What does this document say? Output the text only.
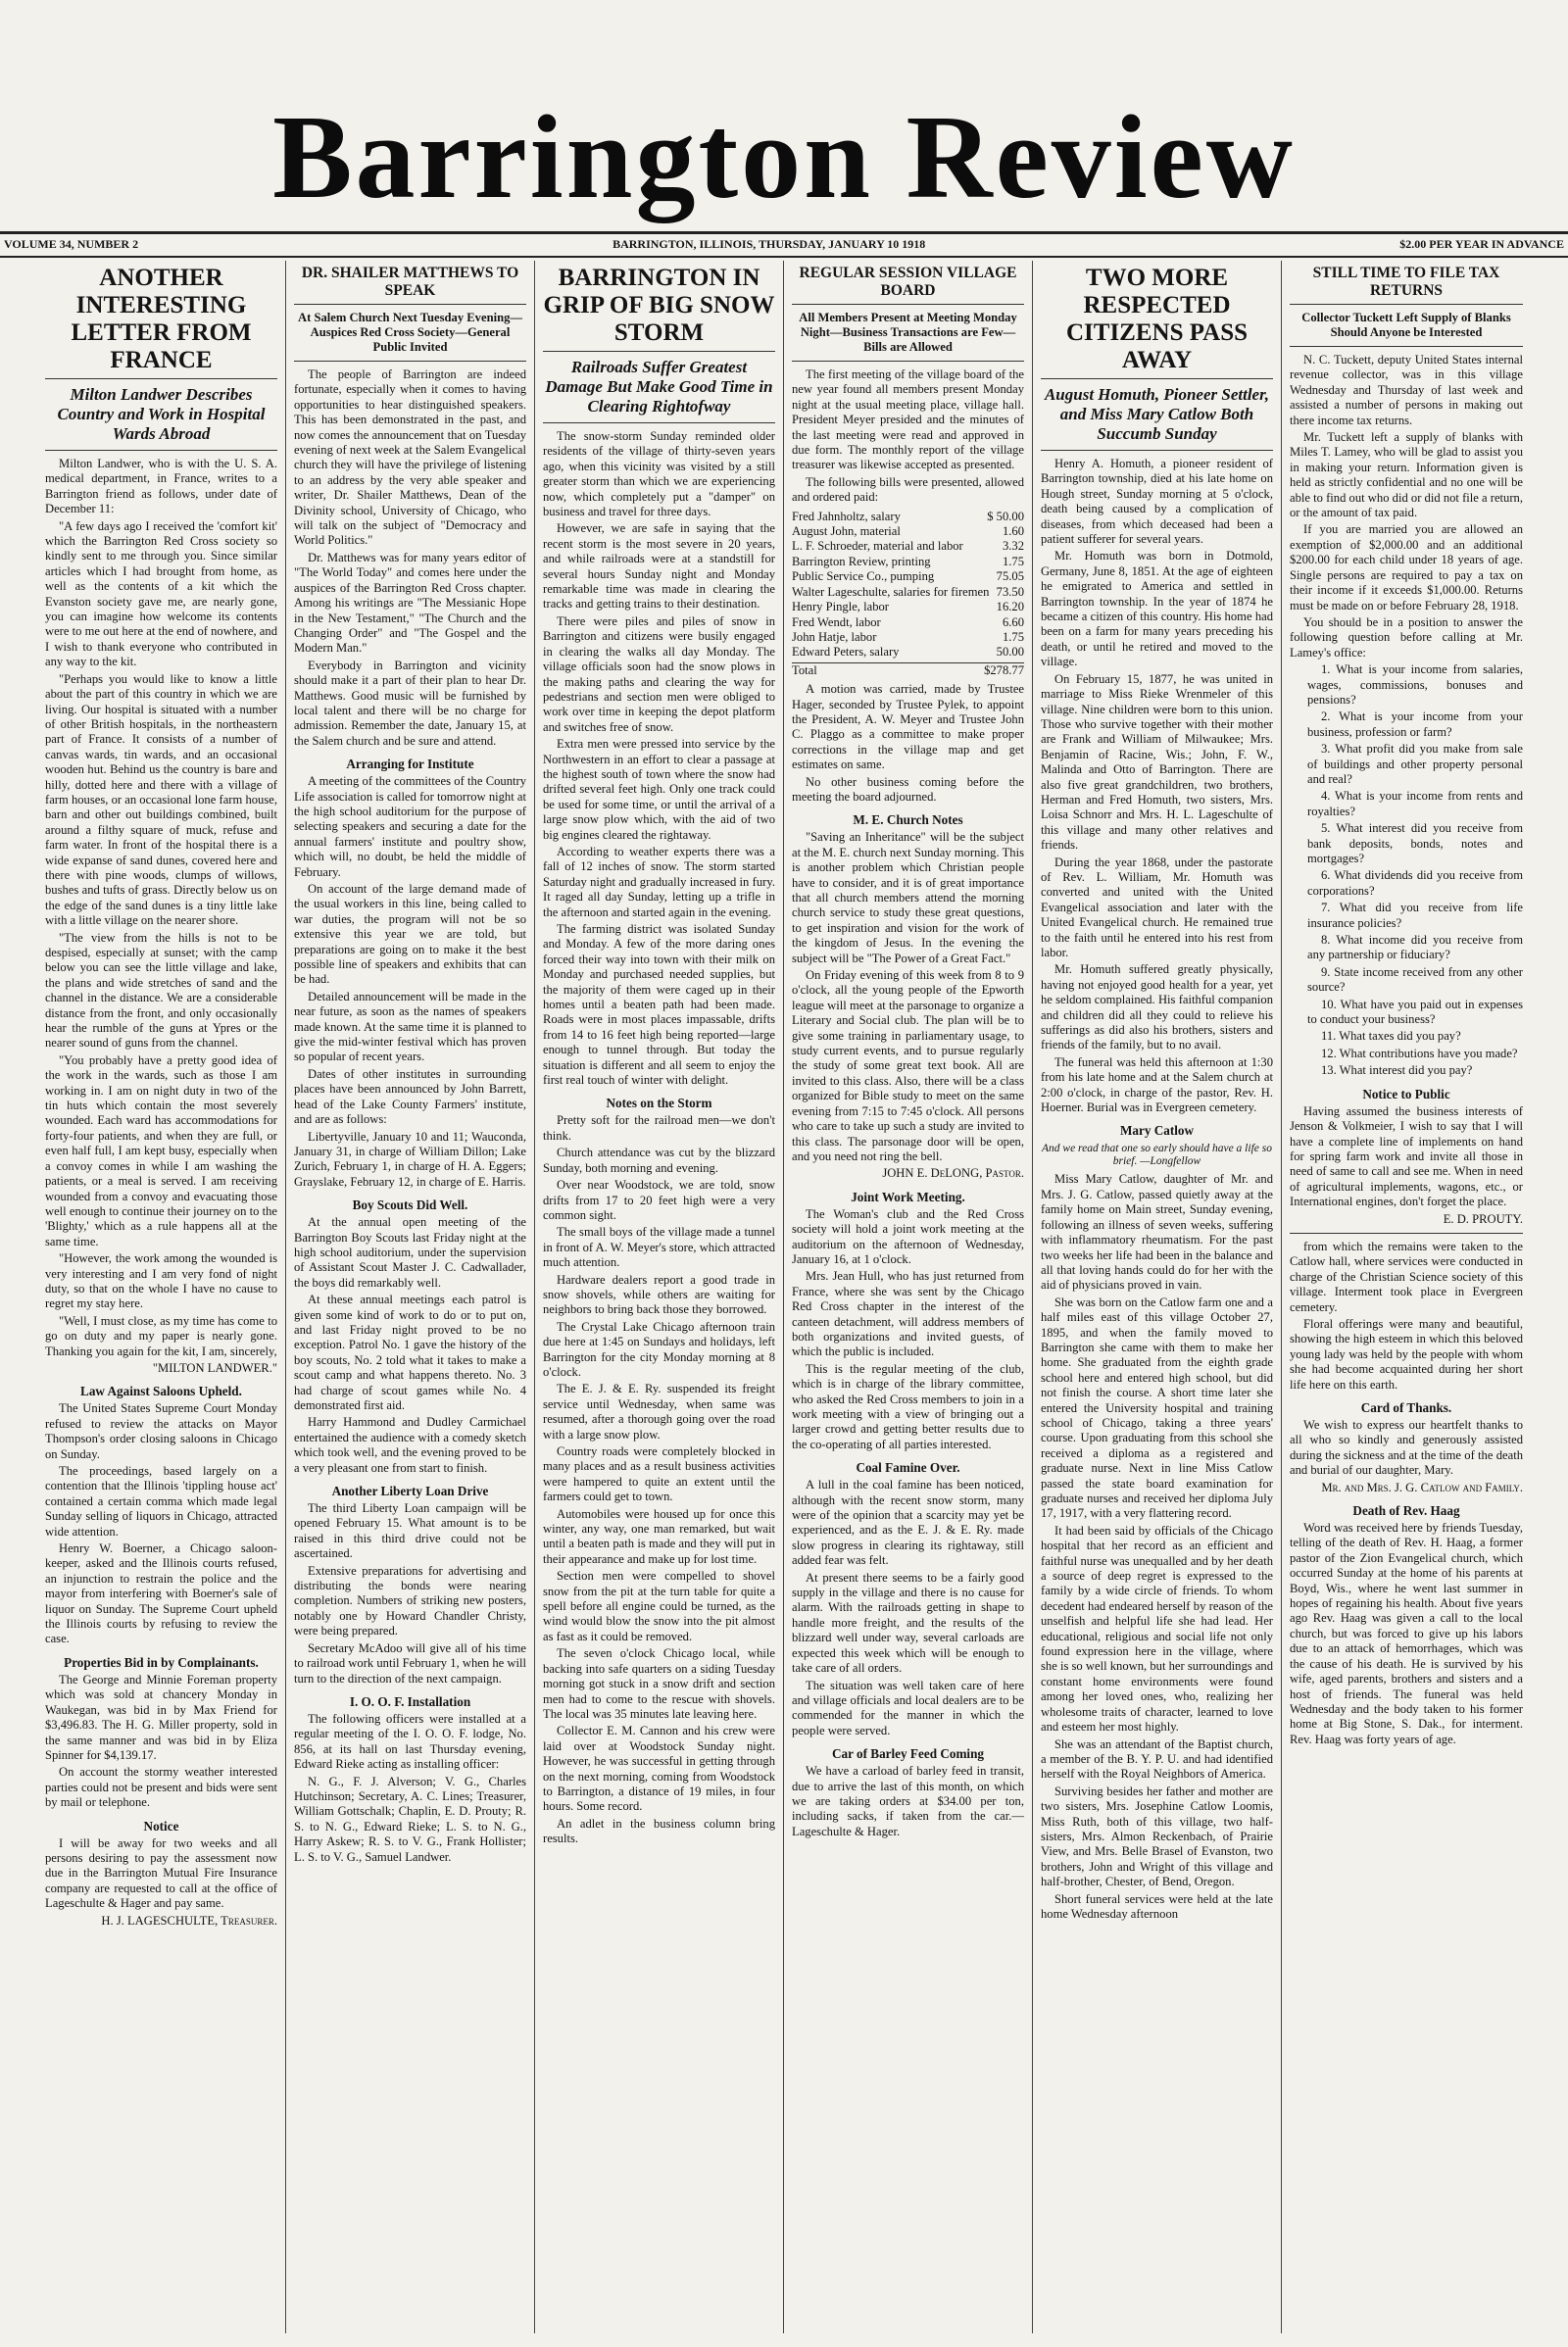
Barrington Review
VOLUME 34, NUMBER 2	BARRINGTON, ILLINOIS, THURSDAY, JANUARY 10 1918	$2.00 PER YEAR IN ADVANCE
ANOTHER INTERESTING LETTER FROM FRANCE
Milton Landwer Describes Country and Work in Hospital Wards Abroad

Milton Landwer, who is with the U. S. A. medical department, in France, writes to a Barrington friend as follows, under date of December 11:

"A few days ago I received the 'comfort kit' which the Barrington Red Cross society so kindly sent to me through you. Since similar articles which I had brought from home, as well as the contents of a kit which the Evanston society gave me, are nearly gone, you can imagine how welcome its contents were to me out here at the end of nowhere, and I wish to thank everyone who contributed in any way to the kit.

"Perhaps you would like to know a little about the part of this country in which we are living. Our hospital is situated with a number of other British hospitals, in the northeastern part of France. It consists of a number of canvas wards, tin wards, and an occasional wooden hut. Behind us the country is bare and hilly, dotted here and there with a village of farm houses, or an occasional lone farm house, barn and other out buildings combined, built around a filthy square of muck, refuse and farm water. In front of the hospital there is a wide expanse of sand dunes, covered here and there with pine woods, clumps of willows, bushes and tufts of grass. Directly below us on the edge of the sand dunes is a tiny little lake with a little village on the nearer shore.

"The view from the hills is not to be despised, especially at sunset; with the camp below you can see the little village and lake, the plans and wide stretches of sand and the channel in the distance. We are a considerable distance from the front, and only occasionally hear the rumble of the guns at Ypres or the nearer sound of guns from the channel.

"You probably have a pretty good idea of the work in the wards, such as those I am working in. I am on night duty in two of the tin huts which contain the most severely wounded. Each ward has accommodations for forty-four patients, and when they are full, or even half full, I am kept busy, especially when a convoy comes in while I am washing the patients, or a meal is served. I am receiving wounded from a convoy and evacuating those well enough to continue their journey on to the 'Blighty,' which as a rule happens all at the same time.

"However, the work among the wounded is very interesting and I am very fond of night duty, so that on the whole I have no cause to regret my stay here.

"Well, I must close, as my time has come to go on duty and my paper is nearly gone. Thanking you again for the kit, I am, sincerely,

"MILTON LANDWER."
Law Against Saloons Upheld.

The United States Supreme Court Monday refused to review the attacks on Mayor Thompson's order closing saloons in Chicago on Sunday.

The proceedings, based largely on a contention that the Illinois 'tippling house act' contained a certain comma which made legal Sunday selling of liquors in Chicago, attracted wide attention.

Henry W. Boerner, a Chicago saloon-keeper, asked and the Illinois courts refused, an injunction to restrain the police and the mayor from interfering with Boerner's sale of liquor on Sunday. The Supreme Court upheld the Illinois courts by refusing to review the case.

Properties Bid in by Complainants.

The George and Minnie Foreman property which was sold at chancery Monday in Waukegan, was bid in by Max Friend for $3,496.83. The H. G. Miller property, sold in the same manner and was bid in by Eliza Spinner for $4,139.17.

On account the stormy weather interested parties could not be present and bids were sent by mail or telephone.

Notice

I will be away for two weeks and all persons desiring to pay the assessment now due in the Barrington Mutual Fire Insurance company are requested to call at the office of Lageschulte & Hager and pay same.

H. J. LAGESCHULTE, Treasurer.
DR. SHAILER MATTHEWS TO SPEAK
At Salem Church Next Tuesday Evening—Auspices Red Cross Society—General Public Invited

The people of Barrington are indeed fortunate, especially when it comes to having opportunities to hear distinguished speakers. This has been demonstrated in the past, and now comes the announcement that on Tuesday evening of next week at the Salem Evangelical church they will have the privilege of listening to an address by the very able speaker and writer, Dr. Shailer Matthews, Dean of the Divinity school, University of Chicago, who will talk on the subject of "Democracy and World Politics."

Dr. Matthews was for many years editor of "The World Today" and comes here under the auspices of the Barrington Red Cross chapter. Among his writings are "The Messianic Hope in the New Testament," "The Church and the Changing Order" and "The Gospel and the Modern Man."

Everybody in Barrington and vicinity should make it a part of their plan to hear Dr. Matthews. Good music will be furnished by local talent and there will be no charge for admission. Remember the date, January 15, at the Salem church and be sure and attend.

Arranging for Institute

A meeting of the committees of the Country Life association is called for tomorrow night at the high school auditorium for the purpose of selecting speakers and securing a date for the annual farmers' institute and poultry show, which will, no doubt, be held the middle of February.

On account of the large demand made of the usual workers in this line, being called to war duties, the program will not be so extensive this year we are told, but preparations are going on to make it the best possible line of speakers and exhibits that can be had.

Detailed announcement will be made in the near future, as soon as the names of speakers made known. At the same time it is planned to give the mid-winter festival which has proven so popular of recent years.

Dates of other institutes in surrounding places have been announced by John Barrett, head of the Lake County Farmers' institute, and are as follows:

Libertyville, January 10 and 11; Wauconda, January 31, in charge of William Dillon; Lake Zurich, February 1, in charge of H. A. Eggers; Grayslake, February 12, in charge of E. Harris.

Boy Scouts Did Well.

At the annual open meeting of the Barrington Boy Scouts last Friday night at the high school auditorium, under the supervision of Assistant Scout Master J. C. Cadwallader, the boys did remarkably well.

At these annual meetings each patrol is given some kind of work to do or to put on, and last Friday night proved to be no exception. Patrol No. 1 gave the history of the boy scouts, No. 2 told what it takes to make a scout camp and what happens thereto. No. 3 had charge of scout games while No. 4 demonstrated first aid.

Harry Hammond and Dudley Carmichael entertained the audience with a comedy sketch which took well, and the evening proved to be a very pleasant one from start to finish.

Another Liberty Loan Drive

The third Liberty Loan campaign will be opened February 15. What amount is to be raised in this third drive could not be ascertained.

Extensive preparations for advertising and distributing the bonds were nearing completion. Numbers of striking new posters, notably one by Howard Chandler Christy, were being prepared.

Secretary McAdoo will give all of his time to railroad work until February 1, when he will turn to the direction of the next campaign.

I. O. O. F. Installation

The following officers were installed at a regular meeting of the I. O. O. F. lodge, No. 856, at its hall on last Thursday evening, Edward Rieke acting as installing officer:

N. G., F. J. Alverson; V. G., Charles Hutchinson; Secretary, A. C. Lines; Treasurer, William Gottschalk; Chaplin, E. D. Prouty; R. S. to N. G., Edward Rieke; L. S. to N. G., Harry Askew; R. S. to V. G., Frank Hollister; L. S. to V. G., Samuel Landwer.

BARRINGTON IN GRIP OF BIG SNOW STORM
Railroads Suffer Greatest Damage But Make Good Time in Clearing Rightofway

The snow-storm Sunday reminded older residents of the village of thirty-seven years ago, when this vicinity was visited by a still greater storm than which we are experiencing now, which completely put a "damper" on business and travel for three days.

However, we are safe in saying that the recent storm is the most severe in 20 years, and while railroads were at a standstill for several hours Sunday night and Monday remarkable time was made in clearing the tracks and getting trains to their destination.

There were piles and piles of snow in Barrington and citizens were busily engaged in clearing the walks all day Monday. The village officials soon had the snow plows in the making paths and clearing the way for pedestrians and section men were obliged to work over time in keeping the depot platform and switches free of snow.

Extra men were pressed into service by the Northwestern in an effort to clear a passage at the highest south of town where the snow had drifted several feet high. Only one track could be used for some time, or until the arrival of a large snow plow which, with the aid of two big engines cleared the rightaway.

According to weather experts there was a fall of 12 inches of snow. The storm started Saturday night and gradually increased in fury. It raged all day Sunday, letting up a trifle in the afternoon and started again in the evening.

The farming district was isolated Sunday and Monday. A few of the more daring ones forced their way into town with their milk on Monday and purchased needed supplies, but the majority of them were caged up in their homes until a beaten path had been made. Roads were in most places impassable, drifts from 14 to 16 feet high being reported—large enough to tunnel through. But today the situation is different and all seem to enjoy the first real touch of winter with delight.

Notes on the Storm

Pretty soft for the railroad men—we don't think.

Church attendance was cut by the blizzard Sunday, both morning and evening.

Over near Woodstock, we are told, snow drifts from 17 to 20 feet high were a very common sight.

The small boys of the village made a tunnel in front of A. W. Meyer's store, which attracted much attention.

Hardware dealers report a good trade in snow shovels, while others are waiting for neighbors to bring back those they borrowed.

The Crystal Lake Chicago afternoon train due here at 1:45 on Sundays and holidays, left Barrington for the city Monday morning at 8 o'clock.

The E. J. & E. Ry. suspended its freight service until Wednesday, when same was resumed, after a thorough going over the road with a large snow plow.

Country roads were completely blocked in many places and as a result business activities were hampered to quite an extent until the farmers could get to town.

Automobiles were housed up for once this winter, any way, one man remarked, but wait until a beaten path is made and they will put in their appearance and make up for lost time.

Section men were compelled to shovel snow from the pit at the turn table for quite a spell before all engine could be turned, as the wind would blow the snow into the pit almost as fast as it could be removed.

The seven o'clock Chicago local, while backing into safe quarters on a siding Tuesday morning got stuck in a snow drift and section men had to come to the rescue with shovels. The local was 35 minutes late leaving here.

Collector E. M. Cannon and his crew were laid over at Woodstock Sunday night. However, he was successful in getting through on the next morning, coming from Woodstock to Barrington, a distance of 19 miles, in four hours. Some record.

An adlet in the business column bring results.

REGULAR SESSION VILLAGE BOARD
All Members Present at Meeting Monday Night—Business Transactions are Few—Bills are Allowed

The first meeting of the village board of the new year found all members present Monday night at the usual meeting place, village hall. President Meyer presided and the minutes of the last meeting were read and approved in due form. The monthly report of the village treasurer was likewise accepted as presented.

The following bills were presented, allowed and ordered paid:

Fred Jahnholtz, salary	$ 50.00
August John, material	1.60
L. F. Schroeder, material and labor	3.32
Barrington Review, printing	1.75
Public Service Co., pumping	75.05
Walter Lageschulte, salaries for firemen 73.50
Henry Pingle, labor	16.20
Fred Wendt, labor	6.60
John Hatje, labor	1.75
Edward Peters, salary	50.00
Total	$278.77

A motion was carried, made by Trustee Hager, seconded by Trustee Pylek, to appoint the President, A. W. Meyer and Trustee John C. Plaggo as a committee to make proper corrections in the village map and get estimates on same.

No other business coming before the meeting the board adjourned.

M. E. Church Notes

"Saving an Inheritance" will be the subject at the M. E. church next Sunday morning. This is another problem which Christian people have to consider, and it is of great importance that all church members attend the morning church service to study these great questions, to get inspiration and vision for the work of the kingdom of Jesus. In the evening the subject will be "The Power of a Great Fact."

On Friday evening of this week from 8 to 9 o'clock, all the young people of the Epworth league will meet at the parsonage to organize a Literary and Social club. The plan will be to give some training in parliamentary usage, to study current events, and to pursue regularly the study of some great text book. All are invited to this class. Also, there will be a class organized for Bible study to meet on the same evening from 7:15 to 7:45 o'clock. All persons who care to take up such a study are invited to this class. The parsonage door will be open, and you need not ring the bell.

JOHN E. DeLONG, Pastor.
Joint Work Meeting.

The Woman's club and the Red Cross society will hold a joint work meeting at the auditorium on the afternoon of Wednesday, January 16, at 1 o'clock.

Mrs. Jean Hull, who has just returned from France, where she was sent by the Chicago Red Cross chapter in the interest of the canteen detachment, will address members of both organizations and invited guests, of which the public is included.

This is the regular meeting of the club, which is in charge of the library committee, who asked the Red Cross members to join in a work meeting with a view of bringing out a larger crowd and getting better results due to the co-operating of all parties interested.

Coal Famine Over.

A lull in the coal famine has been noticed, although with the recent snow storm, many were of the opinion that a scarcity may yet be experienced, and as the E. J. & E. Ry. made slow progress in clearing its rightaway, still added fear was felt.

At present there seems to be a fairly good supply in the village and there is no cause for alarm. With the railroads getting in shape to handle more freight, and the results of the blizzard well under way, several carloads are expected this week which will be enough to take care of all orders.

The situation was well taken care of here and village officials and local dealers are to be commended for the manner in which the people were served.

Car of Barley Feed Coming

We have a carload of barley feed in transit, due to arrive the last of this month, on which we are taking orders at $34.00 per ton, including sacks, if taken from the car.—Lageschulte & Hager.

TWO MORE RESPECTED CITIZENS PASS AWAY
August Homuth, Pioneer Settler, and Miss Mary Catlow Both Succumb Sunday

Henry A. Homuth, a pioneer resident of Barrington township, died at his late home on Hough street, Sunday morning at 5 o'clock, death being caused by a complication of diseases, from which deceased had been a patient sufferer for several years.

Mr. Homuth was born in Dotmold, Germany, June 8, 1851. At the age of eighteen he emigrated to America and settled in Barrington township. In the year of 1874 he became a citizen of this country. His home had been on a farm for many years preceding his death, or until he retired and moved to the village.

On February 15, 1877, he was united in marriage to Miss Rieke Wrenmeler of this village. Nine children were born to this union. Those who survive together with their mother are Frank and William of Milwaukee; Mrs. Benjamin of Racine, Wis.; John, F. W., Malinda and Otto of Barrington. There are also five great grandchildren, two brothers, Herman and Fred Homuth, two sisters, Mrs. Loisa Schnorr and Mrs. H. L. Lageschulte of this village and many other relatives and friends.

During the year 1868, under the pastorate of Rev. L. William, Mr. Homuth was converted and united with the United Evangelical association and later with the United Evangelical church. He remained true to the faith until he entered into his rest from labor.

Mr. Homuth suffered greatly physically, having not enjoyed good health for a year, yet he seldom complained. His faithful companion and children did all they could to relieve his sufferings as did also his brothers, sisters and friends of the family, but to no avail.

The funeral was held this afternoon at 1:30 from his late home and at the Salem church at 2:00 o'clock, in charge of the pastor, Rev. H. Hoerner. Burial was in Evergreen cemetery.

Mary Catlow
And we read that one so early should have a life so brief. —Longfellow

Miss Mary Catlow, daughter of Mr. and Mrs. J. G. Catlow, passed quietly away at the family home on Main street, Sunday evening, following an illness of seven weeks, suffering with inflammatory rheumatism. For the past two weeks her life had been in the balance and all that loving hands could do for her with the aid of physicians proved in vain.

She was born on the Catlow farm one and a half miles east of this village October 27, 1895, and when the family moved to Barrington she came with them to make her home. She graduated from the eighth grade school here and entered high school, but did not finish the course. A short time later she entered the University hospital and training school of Chicago, taking a three years' course. Upon graduating from this school she received a diploma as a registered and graduate nurse. Next in line Miss Catlow passed the state board examination for graduate nurses and received her diploma July 17, 1917, with a very flattering record.

It had been said by officials of the Chicago hospital that her record as an efficient and faithful nurse was unequalled and by her death a source of deep regret is expressed to the family by a wide circle of friends. To whom decedent had endeared herself by reason of the unselfish and helpful life she had lead. Her educational, religious and social life not only found expression here in the village, where she is so well known, but her surroundings and constant home environments were found among her loved ones, who, realizing her wholesome traits of character, learned to love and esteem her most highly.

She was an attendant of the Baptist church, a member of the B. Y. P. U. and had identified herself with the Royal Neighbors of America.

Surviving besides her father and mother are two sisters, Mrs. Josephine Catlow Loomis, Miss Ruth, both of this village, two half-sisters, Mrs. Almon Reckenbach, of Prairie View, and Mrs. Belle Brasel of Evanston, two brothers, John and Wright of this village and half-brother, Chester, of Bend, Oregon.

Short funeral services were held at the late home Wednesday afternoon

STILL TIME TO FILE TAX RETURNS
Collector Tuckett Left Supply of Blanks Should Anyone be Interested

N. C. Tuckett, deputy United States internal revenue collector, was in this village Wednesday and Thursday of last week and assisted a number of persons in making out there income tax returns.

Mr. Tuckett left a supply of blanks with Miles T. Lamey, who will be glad to assist you in making your return. Information given is held as strictly confidential and no one will be able to find out who did or did not file a return, or the amount of tax paid.

If you are married you are allowed an exemption of $2,000.00 and an additional $200.00 for each child under 18 years of age. Single persons are required to pay a tax on their income if it exceeds $1,000.00. Returns must be made on or before February 28, 1918.

You should be in a position to answer the following question before calling at Mr. Lamey's office:

1. What is your income from salaries, wages, commissions, bonuses and pensions?

2. What is your income from your business, profession or farm?

3. What profit did you make from sale of buildings and other property personal and real?

4. What is your income from rents and royalties?

5. What interest did you receive from bank deposits, bonds, notes and mortgages?

6. What dividends did you receive from corporations?

7. What did you receive from life insurance policies?

8. What income did you receive from any partnership or fiduciary?

9. State income received from any other source?

10. What have you paid out in expenses to conduct your business?

11. What taxes did you pay?

12. What contributions have you made?

13. What interest did you pay?

Notice to Public

Having assumed the business interests of Jenson & Volkmeier, I wish to say that I will have a complete line of implements on hand for spring farm work and invite all those in need of same to call and see me. When in need of agricultural implements, wagons, etc., or International engines, don't forget the place.

E. D. PROUTY.

from which the remains were taken to the Catlow hall, where services were conducted in charge of the Christian Science society of this village. Interment took place in Evergreen cemetery.

Floral offerings were many and beautiful, showing the high esteem in which this beloved young lady was held by the people with whom she had become acquainted during her short life here on this earth.

Card of Thanks.

We wish to express our heartfelt thanks to all who so kindly and generously assisted during the sickness and at the time of the death and burial of our daughter, Mary.

Mr. and Mrs. J. G. Catlow and Family.
Death of Rev. Haag

Word was received here by friends Tuesday, telling of the death of Rev. H. Haag, a former pastor of the Zion Evangelical church, which occurred Sunday at the home of his parents at Boyd, Wis., where he went last summer in hopes of regaining his health. About five years ago Rev. Haag was given a call to the local church, but was forced to give up his labors due to an attack of hemorrhages, which was the cause of his death. He is survived by his wife, aged parents, brothers and sisters and a host of friends. The funeral was held Wednesday and the body taken to his former home at Big Stone, S. Dak., for interment. Rev. Haag was forty years of age.
